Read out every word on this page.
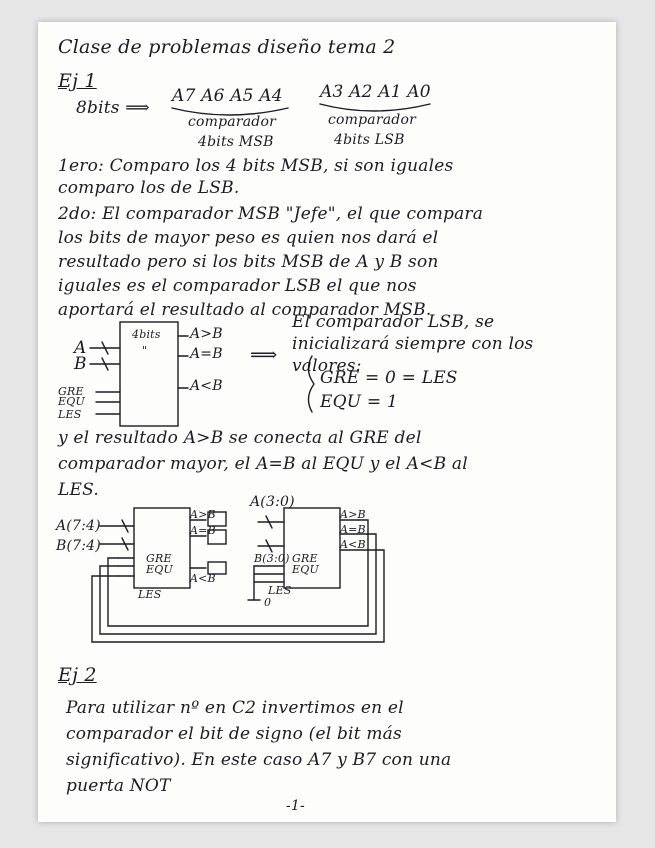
Clase de problemas diseño tema 2
Ej 1
8bits ⟹
A7 A6 A5 A4 A3 A2 A1 A0
comparador
4bits MSB
comparador
4bits LSB
1ero: Comparo los 4 bits MSB, si son iguales
comparo los de LSB.
2do: El comparador MSB "Jefe", el que compara
los bits de mayor peso es quien nos dará el
resultado pero si los bits MSB de A y B son
iguales es el comparador LSB el que nos
aportará el resultado al comparador MSB.
A
B
4bits
"
A>B
A=B
A<B
GRE
EQU
LES
⟹
El comparador LSB, se
inicializará siempre con los
valores:
GRE = 0 = LES
EQU = 1
y el resultado A>B se conecta al GRE del
comparador mayor, el A=B al EQU y el A<B al
LES.
A(7:4)
B(7:4)
A>B
A=B
A<B
GRE
EQU
LES
A(3:0)
B(3:0)
A>B
A=B
A<B
GRE
EQU
LES
0
Ej 2
Para utilizar nº en C2 invertimos en el
comparador el bit de signo (el bit más
significativo). En este caso A7 y B7 con una
puerta NOT
-1-
